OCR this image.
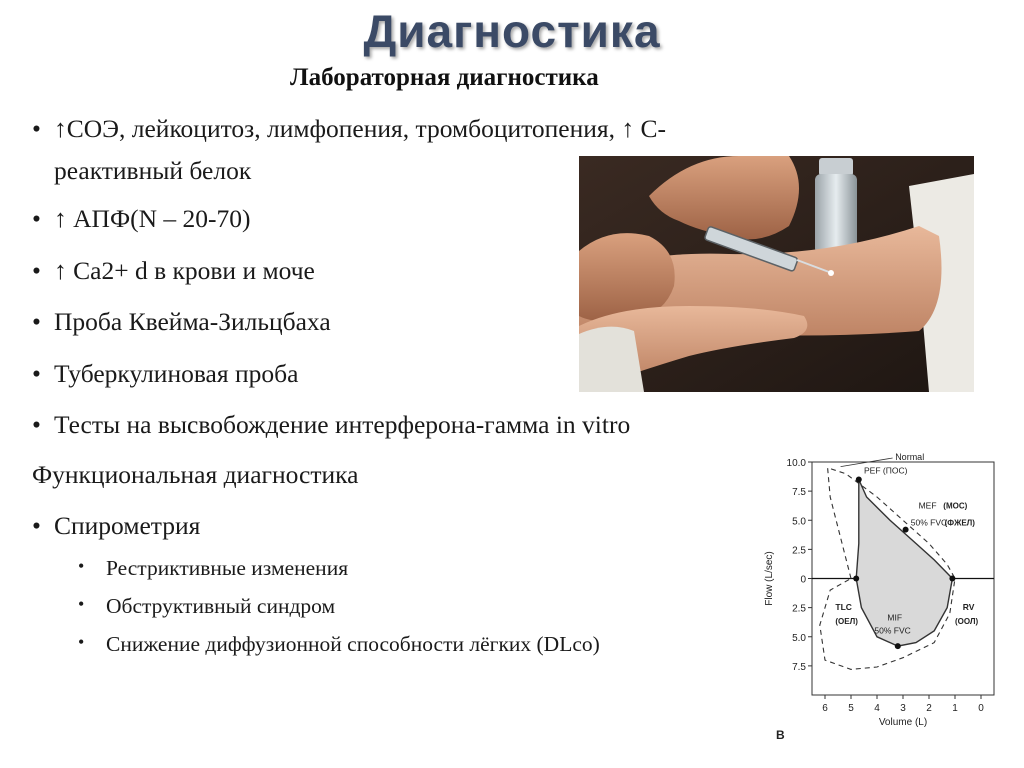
Диагностика
Лабораторная диагностика
• ↑СОЭ, лейкоцитоз, лимфопения, тромбоцитопения, ↑ С-
реактивный белок
• ↑ АПФ(N – 20-70)
• ↑ Са2+ d в крови и моче
• Проба Квейма-Зильцбаха
• Туберкулиновая проба
• Тесты на высвобождение интерферона-гамма in vitro
Функциональная диагностика
• Спирометрия
• Рестриктивные изменения
• Обструктивный синдром
• Снижение диффузионной способности лёгких (DLco)
10.0
7.5
5.0
2.5
0
2.5
5.0
7.5
6 5 4 3 2 1 0
Volume (L)
Flow (L/sec)
Normal
PEF (ПОС)
MEF (МОС)
50% FVC
(ФЖЕЛ)
TLC
(ОЕЛ)	MIF
50% FVC
RV
(ООЛ)
B
